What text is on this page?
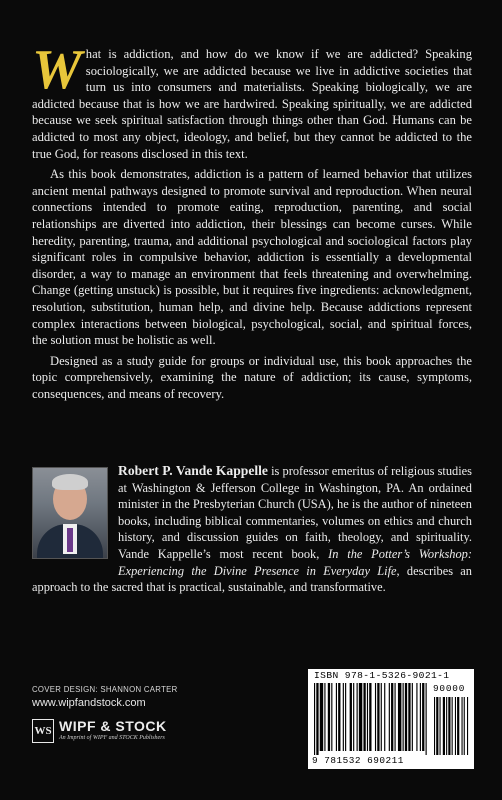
What is addiction, and how do we know if we are addicted? Speaking sociologically, we are addicted because we live in addictive societies that turn us into consumers and materialists. Speaking biologically, we are addicted because that is how we are hardwired. Speaking spiritually, we are addicted because we seek spiritual satisfaction through things other than God. Humans can be addicted to most any object, ideology, and belief, but they cannot be addicted to the true God, for reasons disclosed in this text.

As this book demonstrates, addiction is a pattern of learned behavior that utilizes ancient mental pathways designed to promote survival and reproduction. When neural connections intended to promote eating, reproduction, parenting, and social relationships are diverted into addiction, their blessings can become curses. While heredity, parenting, trauma, and additional psychological and sociological factors play significant roles in compulsive behavior, addiction is essentially a developmental disorder, a way to manage an environment that feels threatening and overwhelming. Change (getting unstuck) is possible, but it requires five ingredients: acknowledgment, resolution, substitution, human help, and divine help. Because addictions represent complex interactions between biological, psychological, social, and spiritual forces, the solution must be holistic as well.

Designed as a study guide for groups or individual use, this book approaches the topic comprehensively, examining the nature of addiction; its cause, symptoms, consequences, and means of recovery.

Robert P. Vande Kappelle is professor emeritus of religious studies at Washington & Jefferson College in Washington, PA. An ordained minister in the Presbyterian Church (USA), he is the author of nineteen books, including biblical commentaries, volumes on ethics and church history, and discussion guides on faith, theology, and spirituality. Vande Kappelle’s most recent book, In the Potter’s Workshop: Experiencing the Divine Presence in Everyday Life, describes an approach to the sacred that is practical, sustainable, and transformative.
COVER DESIGN: SHANNON CARTER
www.wipfandstock.com
WS WIPF & STOCK
An Imprint of WIPF and STOCK Publishers
ISBN 978-1-5326-9021-1
90000
9 781532 690211
